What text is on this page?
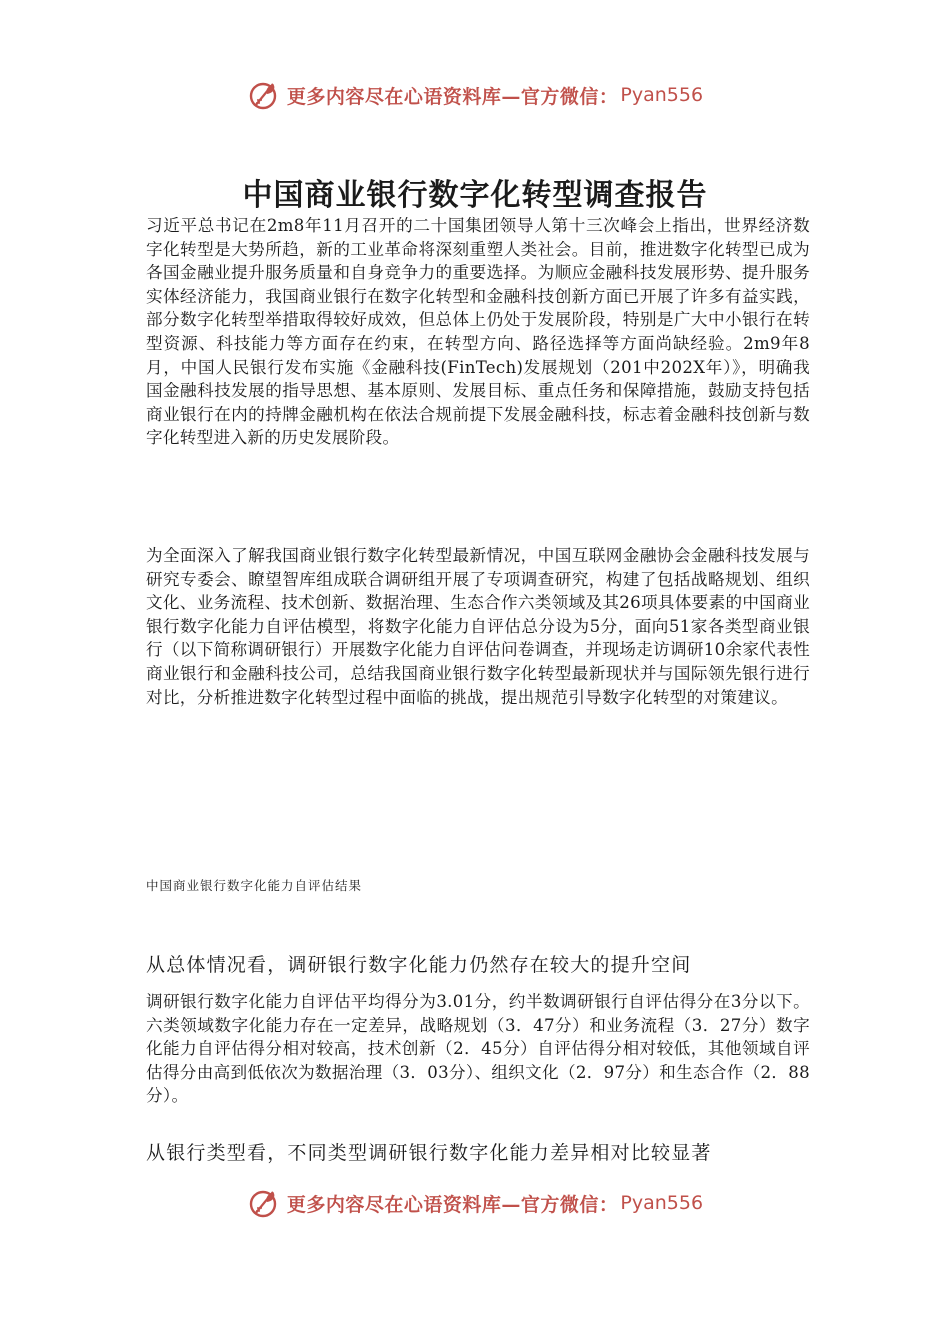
更多内容尽在心语资料库—官方微信： Pyan556
中国商业银行数字化转型调查报告

习近平总书记在2m8年11月召开的二十国集团领导人第十三次峰会上指出，世界经济数字化转型是大势所趋，新的工业革命将深刻重塑人类社会。目前，推进数字化转型已成为各国金融业提升服务质量和自身竞争力的重要选择。为顺应金融科技发展形势、提升服务实体经济能力，我国商业银行在数字化转型和金融科技创新方面已开展了许多有益实践，部分数字化转型举措取得较好成效，但总体上仍处于发展阶段，特别是广大中小银行在转型资源、科技能力等方面存在约束，在转型方向、路径选择等方面尚缺经验。2m9年8月，中国人民银行发布实施《金融科技(FinTech)发展规划（201中202X年）》，明确我国金融科技发展的指导思想、基本原则、发展目标、重点任务和保障措施，鼓励支持包括商业银行在内的持牌金融机构在依法合规前提下发展金融科技，标志着金融科技创新与数字化转型进入新的历史发展阶段。

为全面深入了解我国商业银行数字化转型最新情况，中国互联网金融协会金融科技发展与研究专委会、瞭望智库组成联合调研组开展了专项调查研究，构建了包括战略规划、组织文化、业务流程、技术创新、数据治理、生态合作六类领域及其26项具体要素的中国商业银行数字化能力自评估模型，将数字化能力自评估总分设为5分，面向51家各类型商业银行（以下简称调研银行）开展数字化能力自评估问卷调查，并现场走访调研10余家代表性商业银行和金融科技公司，总结我国商业银行数字化转型最新现状并与国际领先银行进行对比，分析推进数字化转型过程中面临的挑战，提出规范引导数字化转型的对策建议。

中国商业银行数字化能力自评估结果

从总体情况看，调研银行数字化能力仍然存在较大的提升空间

调研银行数字化能力自评估平均得分为3.01分，约半数调研银行自评估得分在3分以下。六类领域数字化能力存在一定差异，战略规划（3．47分）和业务流程（3．27分）数字化能力自评估得分相对较高，技术创新（2．45分）自评估得分相对较低，其他领域自评估得分由高到低依次为数据治理（3．03分）、组织文化（2．97分）和生态合作（2．88分）。

从银行类型看，不同类型调研银行数字化能力差异相对比较显著
更多内容尽在心语资料库—官方微信： Pyan556
